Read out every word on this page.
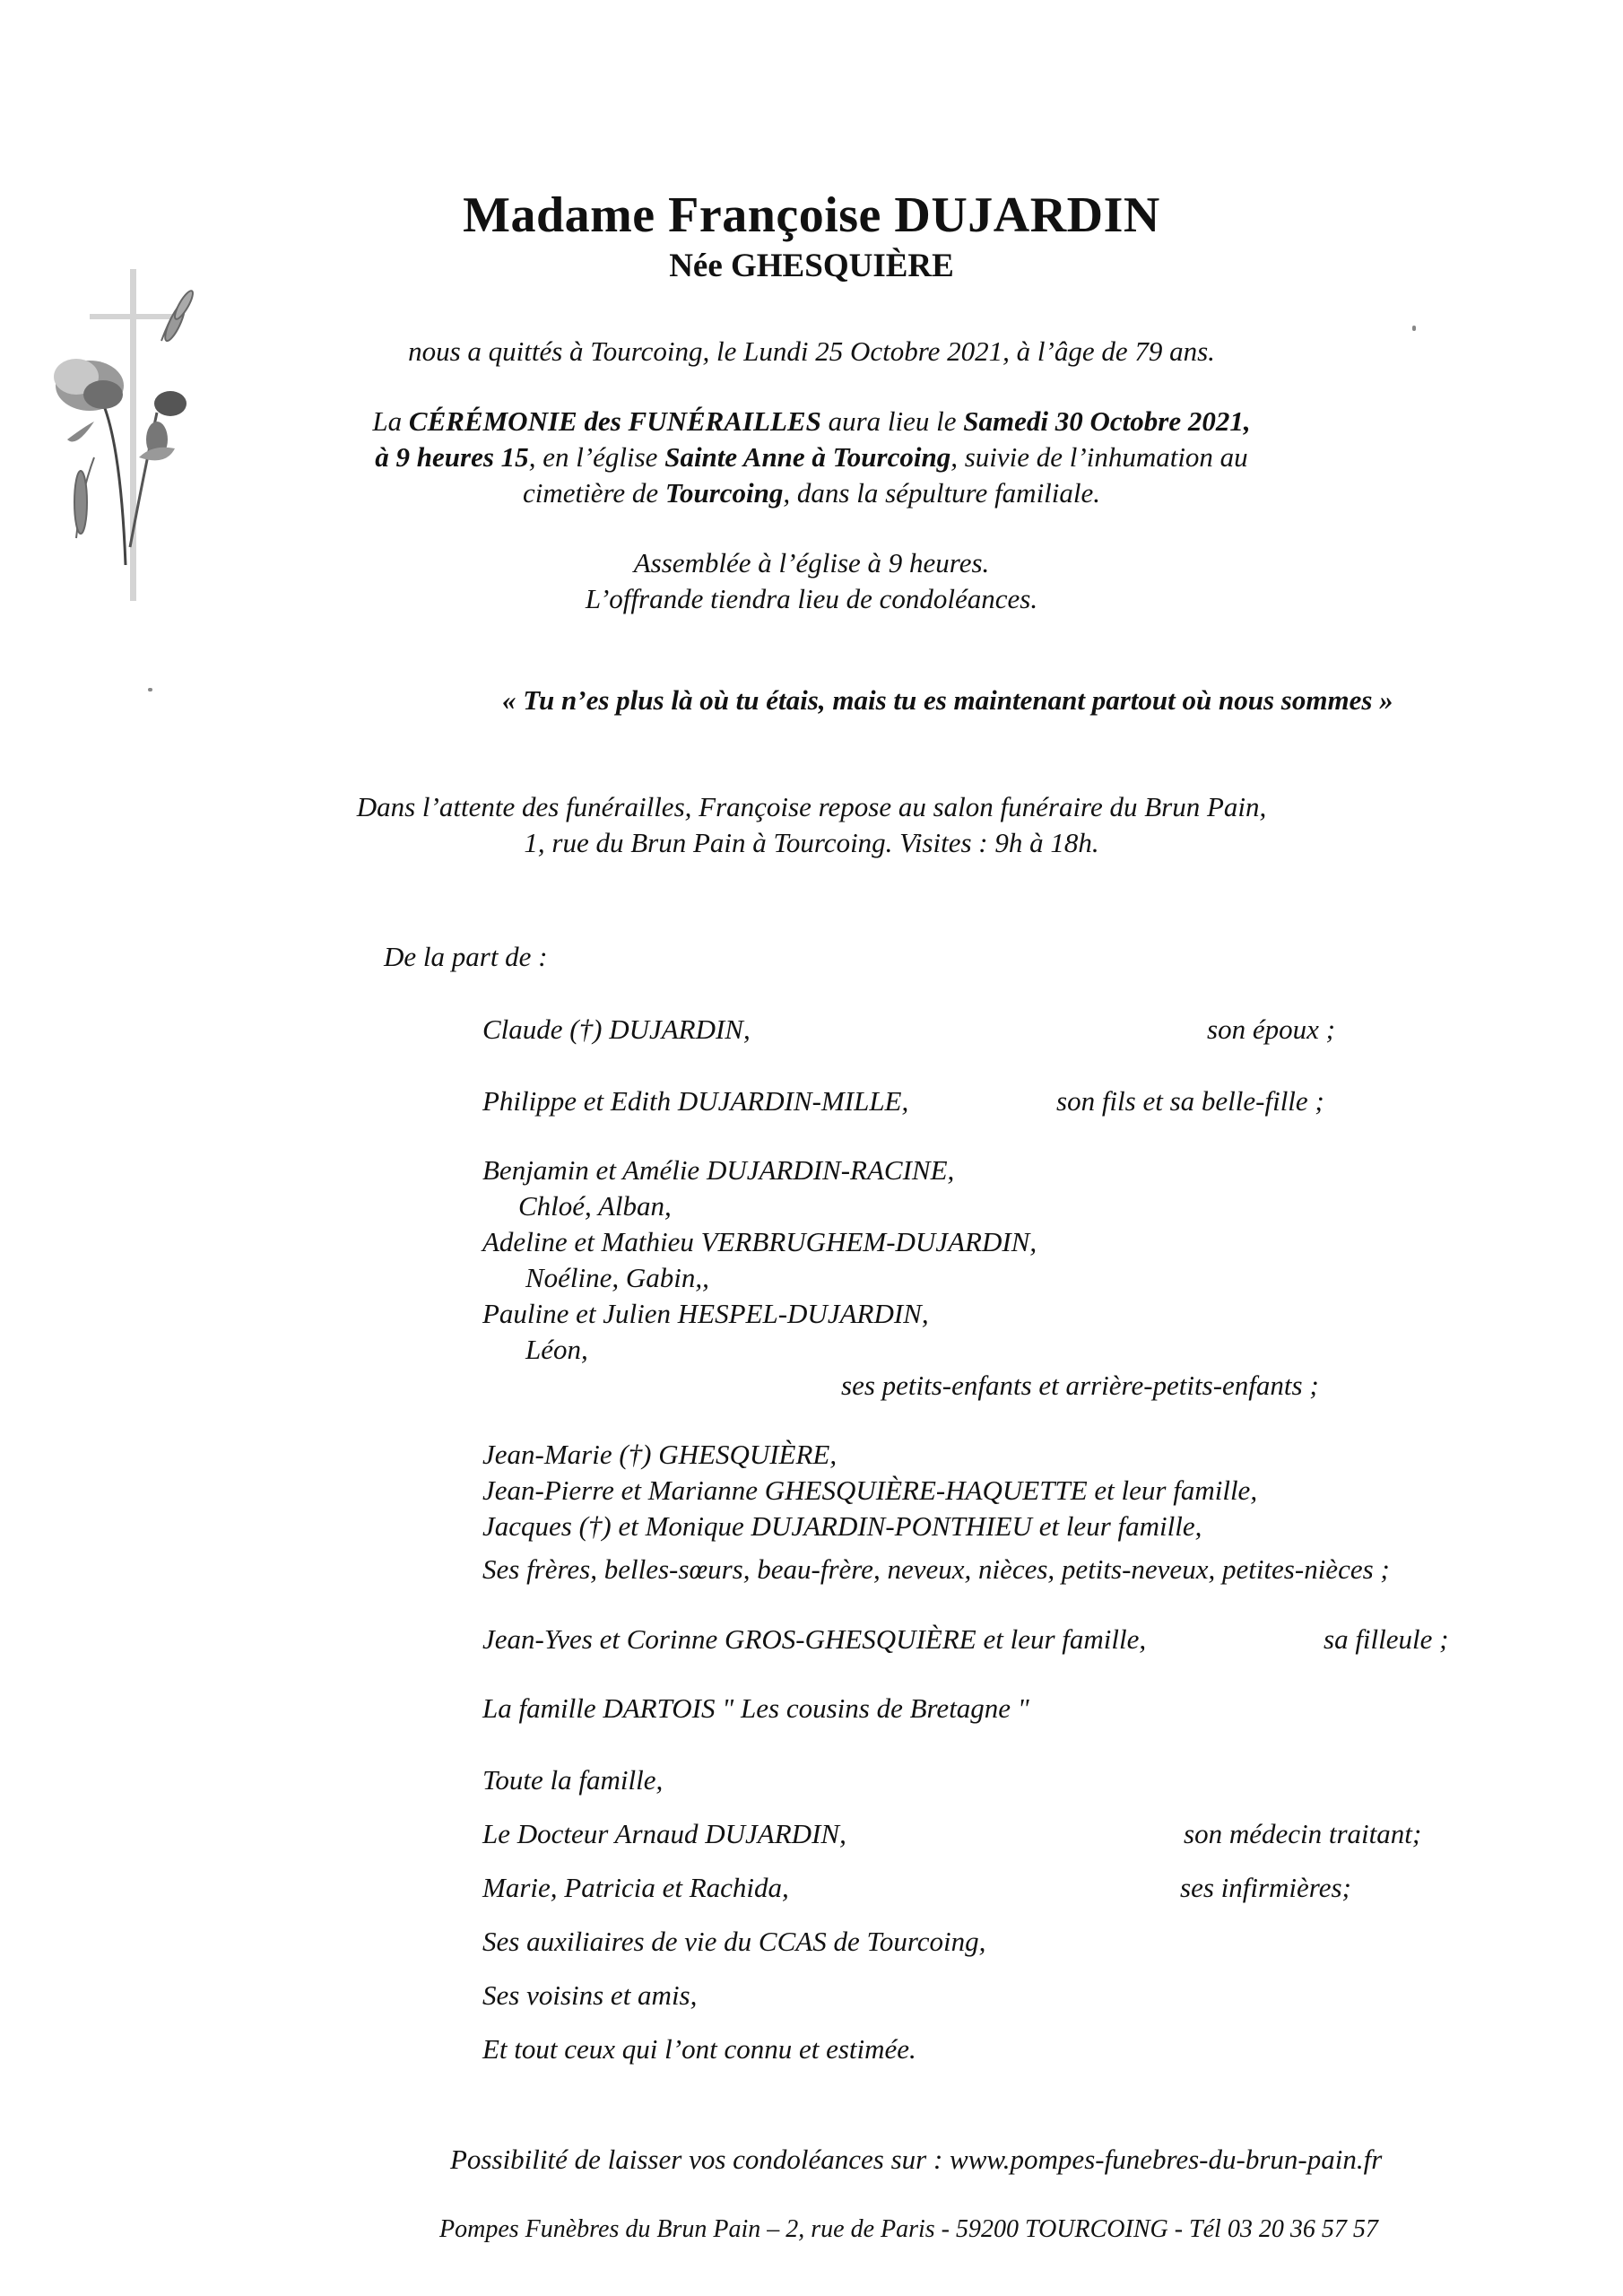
Madame Françoise DUJARDIN
Née GHESQUIÈRE
nous a quittés à Tourcoing, le Lundi 25 Octobre 2021, à l’âge de 79 ans.
La CÉRÉMONIE des FUNÉRAILLES aura lieu le Samedi 30 Octobre 2021,
à 9 heures 15, en l’église Sainte Anne à Tourcoing, suivie de l’inhumation au
cimetière de Tourcoing, dans la sépulture familiale.
Assemblée à l’église à 9 heures.
L’offrande tiendra lieu de condoléances.
« Tu n’es plus là où tu étais, mais tu es maintenant partout où nous sommes »
Dans l’attente des funérailles, Françoise repose au salon funéraire du Brun Pain,
1, rue du Brun Pain à Tourcoing. Visites : 9h à 18h.
De la part de :
Claude (†) DUJARDIN,	son époux ;
Philippe et Edith DUJARDIN-MILLE,	son fils et sa belle-fille ;
Benjamin et Amélie DUJARDIN-RACINE,
Chloé, Alban,
Adeline et Mathieu VERBRUGHEM-DUJARDIN,
Noéline, Gabin,,
Pauline et Julien HESPEL-DUJARDIN,
Léon,
ses petits-enfants et arrière-petits-enfants ;
Jean-Marie (†) GHESQUIÈRE,
Jean-Pierre et Marianne GHESQUIÈRE-HAQUETTE et leur famille,
Jacques (†) et Monique DUJARDIN-PONTHIEU et leur famille,
Ses frères, belles-sœurs, beau-frère, neveux, nièces, petits-neveux, petites-nièces ;
Jean-Yves et Corinne GROS-GHESQUIÈRE et leur famille,	sa filleule ;
La famille DARTOIS " Les cousins de Bretagne "
Toute la famille,
Le Docteur Arnaud DUJARDIN,	son médecin traitant;
Marie, Patricia et Rachida,	ses infirmières;
Ses auxiliaires de vie du CCAS de Tourcoing,
Ses voisins et amis,
Et tout ceux qui l’ont connu et estimée.
Possibilité de laisser vos condoléances sur : www.pompes-funebres-du-brun-pain.fr
Pompes Funèbres du Brun Pain – 2, rue de Paris - 59200 TOURCOING - Tél 03 20 36 57 57
